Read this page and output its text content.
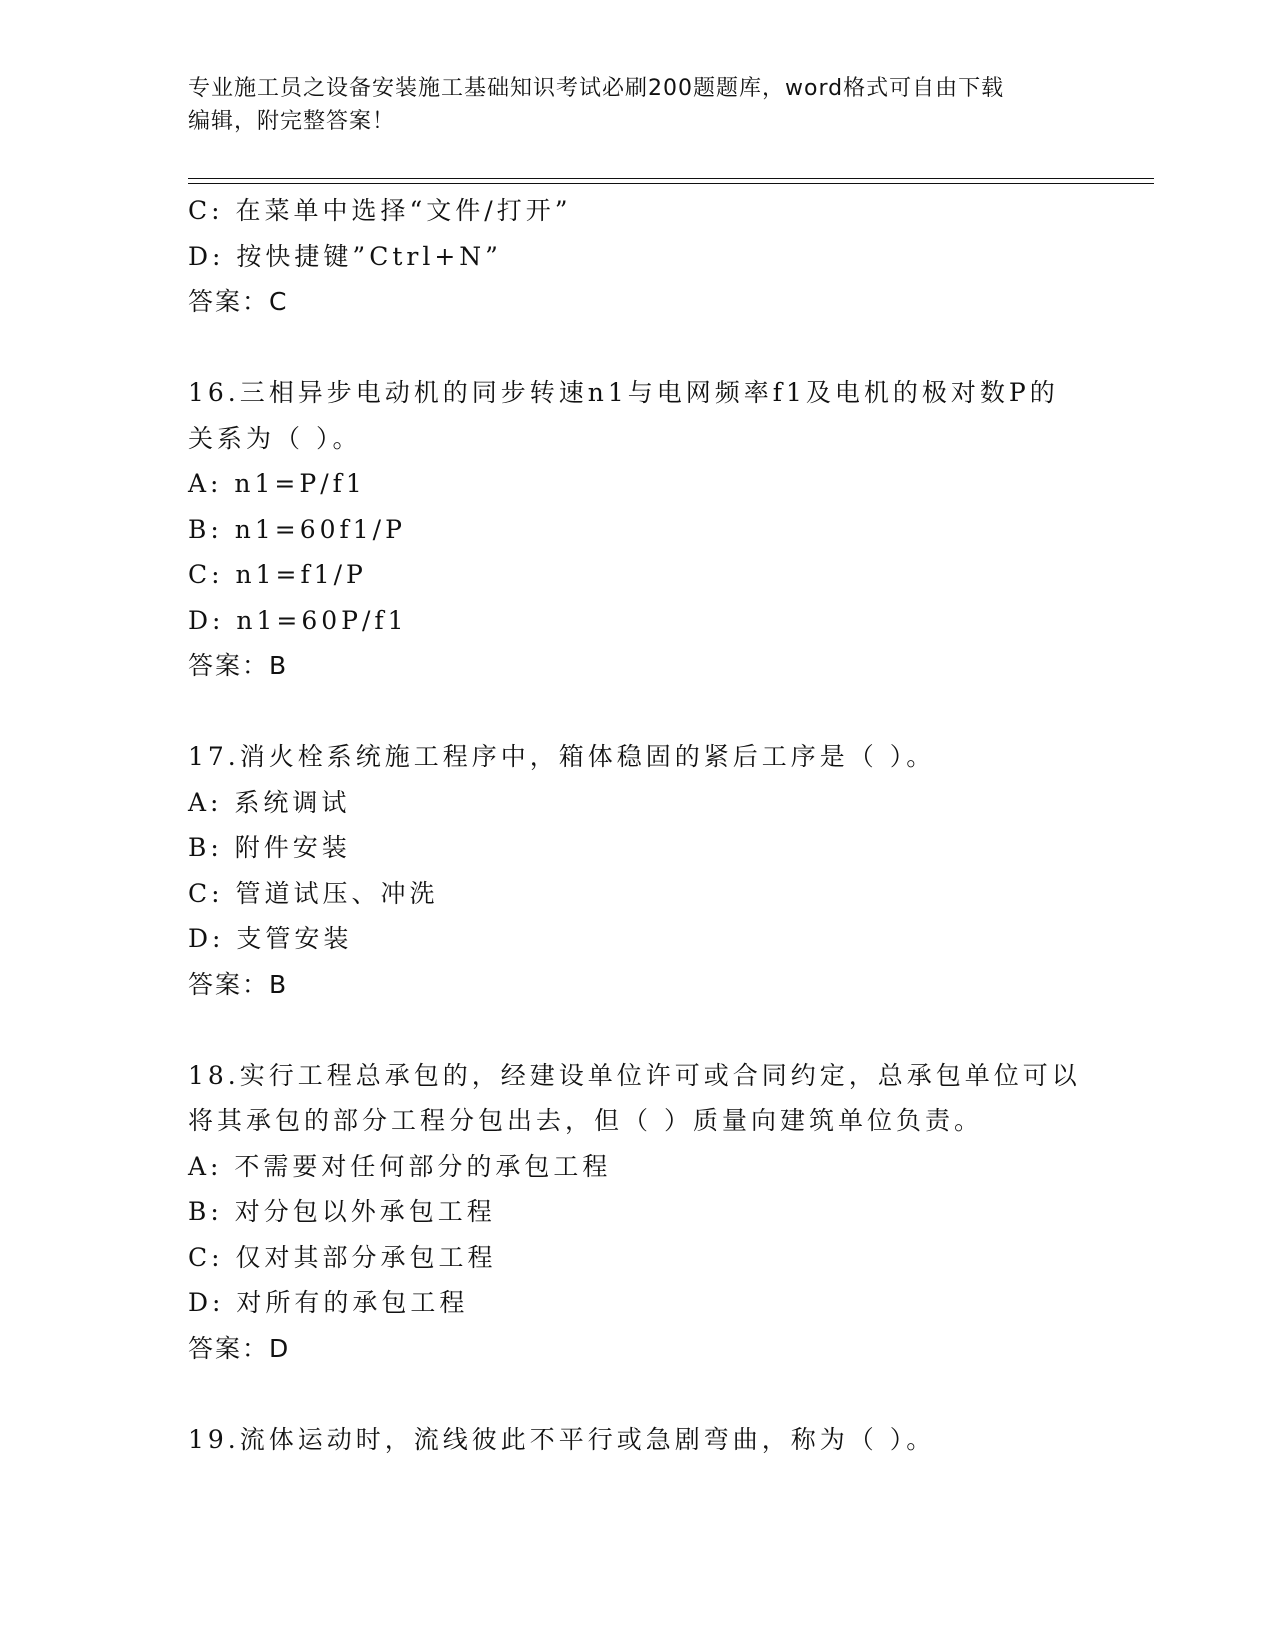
专业施工员之设备安装施工基础知识考试必刷200题题库，word格式可自由下载
编辑，附完整答案！
C: 在菜单中选择“文件/打开”
D: 按快捷键”Ctrl+N”
答案：C
16.三相异步电动机的同步转速n1与电网频率f1及电机的极对数P的
关系为（ ）。
A: n1=P/f1
B: n1=60f1/P
C: n1=f1/P
D: n1=60P/f1
答案：B
17.消火栓系统施工程序中，箱体稳固的紧后工序是（ ）。
A: 系统调试
B: 附件安装
C: 管道试压、冲洗
D: 支管安装
答案：B
18.实行工程总承包的，经建设单位许可或合同约定，总承包单位可以
将其承包的部分工程分包出去，但（ ）质量向建筑单位负责。
A: 不需要对任何部分的承包工程
B: 对分包以外承包工程
C: 仅对其部分承包工程
D: 对所有的承包工程
答案：D
19.流体运动时，流线彼此不平行或急剧弯曲，称为（ ）。
